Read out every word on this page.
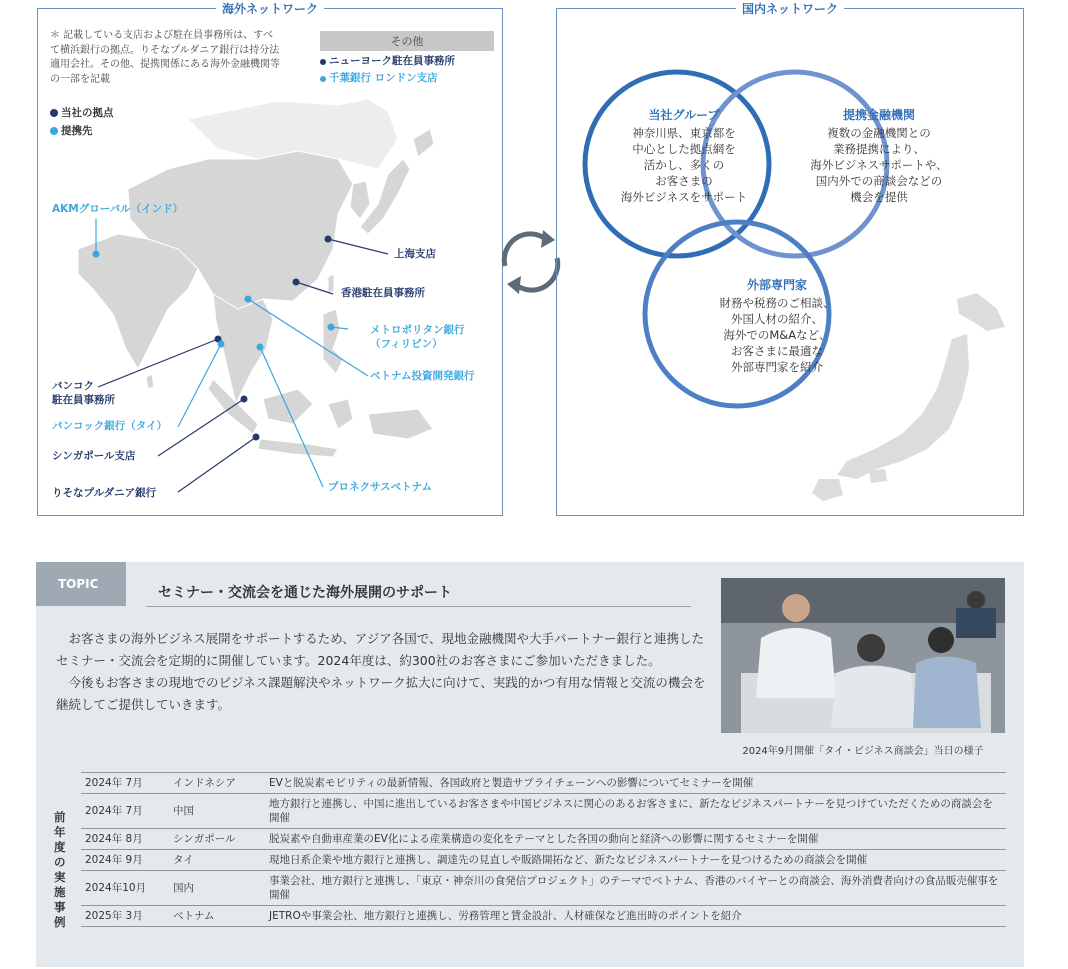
海外ネットワーク
＊ 記載している支店および駐在員事務所は、すべて横浜銀行の拠点。りそなプルダニア銀行は持分法適用会社。その他、提携関係にある海外金融機関等の一部を記載
当社の拠点
提携先
その他
ニューヨーク駐在員事務所
千葉銀行 ロンドン支店
AKMグローバル（インド）
上海支店
香港駐在員事務所
メトロポリタン銀行
（フィリピン）
ベトナム投資開発銀行
バンコク
駐在員事務所
バンコック銀行（タイ）
シンガポール支店
りそなプルダニア銀行	プロネクサスベトナム
国内ネットワーク
当社グループ
神奈川県、東京都を
中心とした拠点網を
活かし、多くの
お客さまの
海外ビジネスをサポート
提携金融機関
複数の金融機関との
業務提携により、
海外ビジネスサポートや、
国内外での商談会などの
機会を提供
外部専門家
財務や税務のご相談、
外国人材の紹介、
海外でのM&Aなど、
お客さまに最適な
外部専門家を紹介
TOPIC
セミナー・交流会を通じた海外展開のサポート
お客さまの海外ビジネス展開をサポートするため、アジア各国で、現地金融機関や大手パートナー銀行と連携したセミナー・交流会を定期的に開催しています。2024年度は、約300社のお客さまにご参加いただきました。
今後もお客さまの現地でのビジネス課題解決やネットワーク拡大に向けて、実践的かつ有用な情報と交流の機会を継続してご提供していきます。
2024年9月開催「タイ・ビジネス商談会」当日の様子
前年度の実施事例
2024年 7月	インドネシア	EVと脱炭素モビリティの最新情報、各国政府と製造サプライチェーンへの影響についてセミナーを開催
2024年 7月	中国	地方銀行と連携し、中国に進出しているお客さまや中国ビジネスに関心のあるお客さまに、新たなビジネスパートナーを見つけていただくための商談会を開催
2024年 8月	シンガポール	脱炭素や自動車産業のEV化による産業構造の変化をテーマとした各国の動向と経済への影響に関するセミナーを開催
2024年 9月	タイ	現地日系企業や地方銀行と連携し、調達先の見直しや販路開拓など、新たなビジネスパートナーを見つけるための商談会を開催
2024年10月	国内	事業会社、地方銀行と連携し、「東京・神奈川の食発信プロジェクト」のテーマでベトナム、香港のバイヤーとの商談会、海外消費者向けの食品販売催事を開催
2025年 3月	ベトナム	JETROや事業会社、地方銀行と連携し、労務管理と賃金設計、人材確保など進出時のポイントを紹介
